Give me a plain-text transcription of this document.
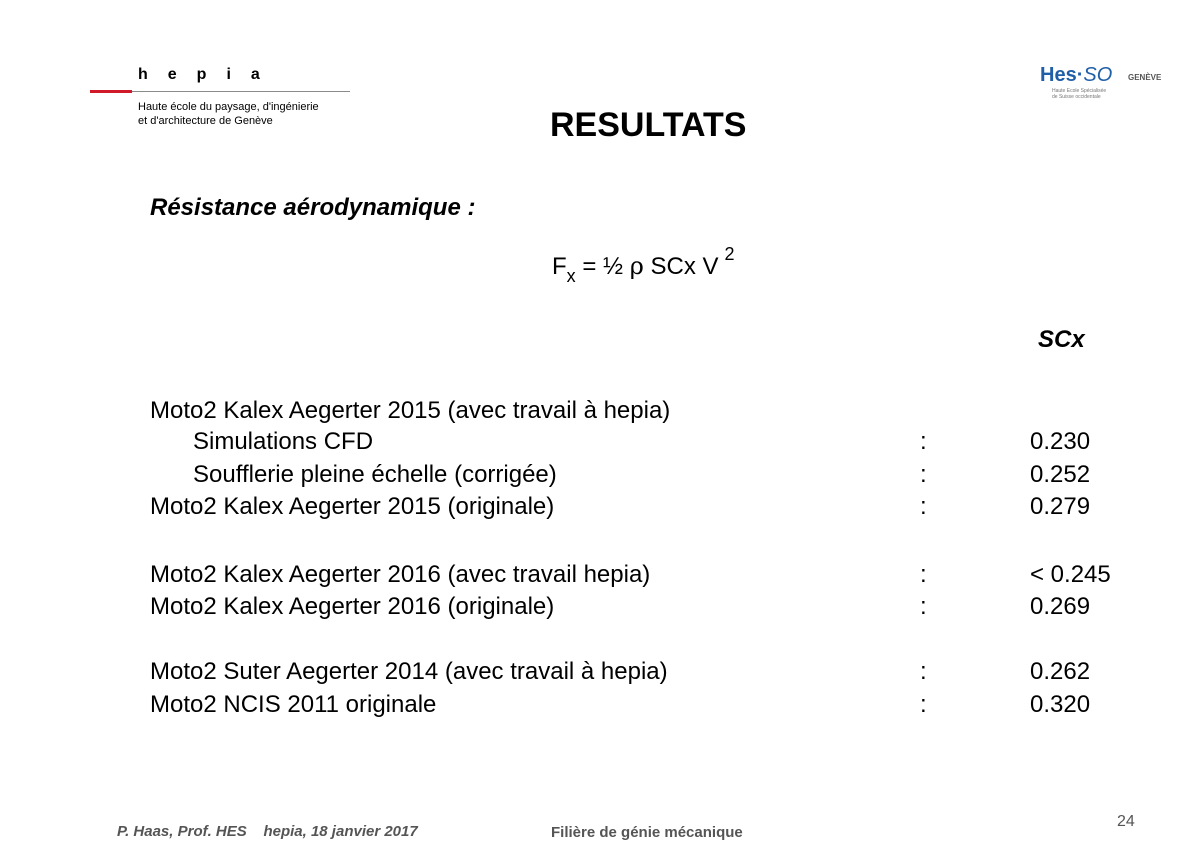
hepia
Haute école du paysage, d'ingénierie
et d'architecture de Genève
Hes·SO GENÈVE
Haute Ecole Spécialisée
de Suisse occidentale
RESULTATS
Résistance aérodynamique :
$F_x$ = ½ ρ SCx V $^2$
SCx
Moto2 Kalex Aegerter 2015 (avec travail à hepia)
Simulations CFD	:	0.230
Soufflerie pleine échelle (corrigée)	:	0.252
Moto2 Kalex Aegerter 2015 (originale)	:	0.279
Moto2 Kalex Aegerter 2016 (avec travail hepia)	:	< 0.245
Moto2 Kalex Aegerter 2016 (originale)	:	0.269
Moto2 Suter Aegerter 2014 (avec travail à hepia)	:	0.262
Moto2 NCIS 2011 originale	:	0.320
P. Haas, Prof. HES    hepia, 18 janvier 2017	Filière de génie mécanique
24
